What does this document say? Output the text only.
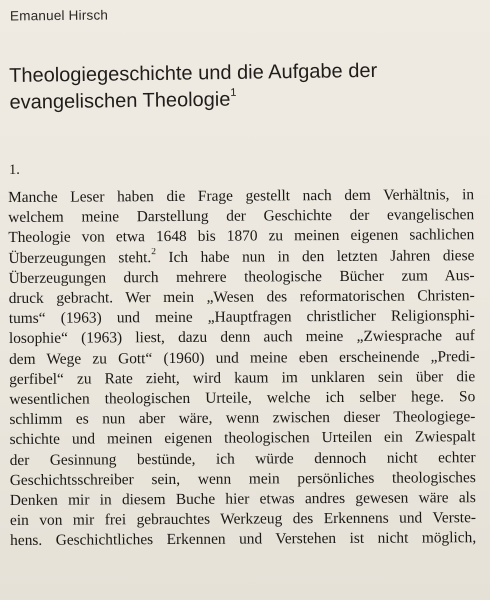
Emanuel Hirsch
Theologiegeschichte und die Aufgabe der
evangelischen Theologie$^1$
1.
Manche Leser haben die Frage gestellt nach dem Verhältnis, in
welchem meine Darstellung der Geschichte der evangelischen
Theologie von etwa 1648 bis 1870 zu meinen eigenen sachlichen
Überzeugungen steht.$^2$ Ich habe nun in den letzten Jahren diese
Überzeugungen durch mehrere theologische Bücher zum Aus-
druck gebracht. Wer mein „Wesen des reformatorischen Christen-
tums“ (1963) und meine „Hauptfragen christlicher Religionsphi-
losophie“ (1963) liest, dazu denn auch meine „Zwiesprache auf
dem Wege zu Gott“ (1960) und meine eben erscheinende „Predi-
gerfibel“ zu Rate zieht, wird kaum im unklaren sein über die
wesentlichen theologischen Urteile, welche ich selber hege. So
schlimm es nun aber wäre, wenn zwischen dieser Theologiege-
schichte und meinen eigenen theologischen Urteilen ein Zwiespalt
der Gesinnung bestünde, ich würde dennoch nicht echter
Geschichtsschreiber sein, wenn mein persönliches theologisches
Denken mir in diesem Buche hier etwas andres gewesen wäre als
ein von mir frei gebrauchtes Werkzeug des Erkennens und Verste-
hens. Geschichtliches Erkennen und Verstehen ist nicht möglich,
